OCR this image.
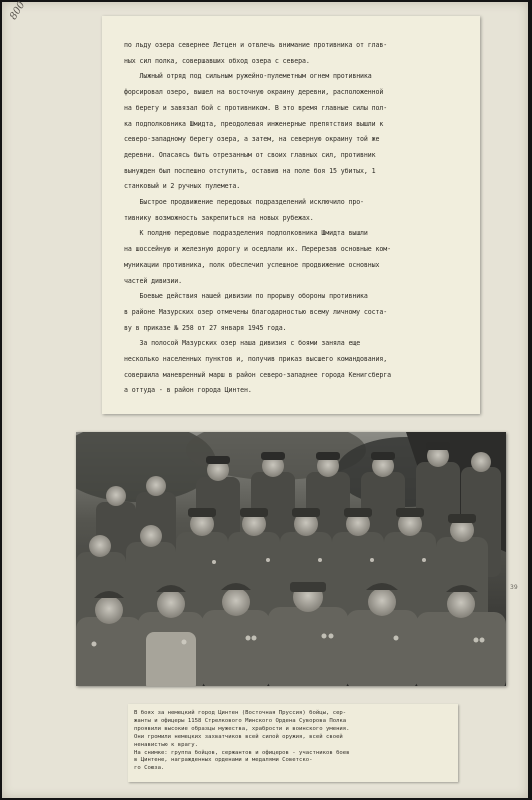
800

по льду озера севернее Летцен и отвлечь внимание противника от глав-
ных сил полка, совершавших обход озера с севера.

Лыжный отряд под сильным ружейно-пулеметным огнем противника
форсировал озеро, вышел на восточную окраину деревни, расположенной
на берегу и завязал бой с противником. В это время главные силы пол-
ка подполковника Шмидта, преодолевая инженерные препятствия вышли к
северо-западному берегу озера, а затем, на северную окраину той же
деревни. Опасаясь быть отрезанным от своих главных сил, противник
вынужден был поспешно отступить, оставив на поле боя 15 убитых, 1
станковый и 2 ручных пулемета.

Быстрое продвижение передовых подразделений исключило про-
тивнику возможность закрепиться на новых рубежах.

К полдню передовые подразделения подполковника Шмидта вышли
на шоссейную и железную дорогу и оседлали их. Перерезав основные ком-
муникации противника, полк обеспечил успешное продвижение основных
частей дивизии.

Боевые действия нашей дивизии по прорыву обороны противника
в районе Мазурских озер отмечены благодарностью всему личному соста-
ву в приказе № 258 от 27 января 1945 года.

За полосой Мазурских озер наша дивизия с боями заняла еще
несколько населенных пунктов и, получив приказ высшего командования,
совершила маневренный марш в район северо-западнее города Кенигсберга
а оттуда - в район города Цинтен.

В боях за немецкий город Цинтен (Восточная Пруссия) бойцы, сер-
жанты и офицеры 1158 Стрелкового Минского Ордена Суворова Полка
проявили высокие образцы мужества, храбрости и воинского умения.
Они громили немецких захватчиков всей силой оружия, всей своей
ненавистью к врагу.
На снимке: группа бойцов, сержантов и офицеров - участников боев
в Цинтене, награжденных орденами и медалями Советско-
го Союза.

39
